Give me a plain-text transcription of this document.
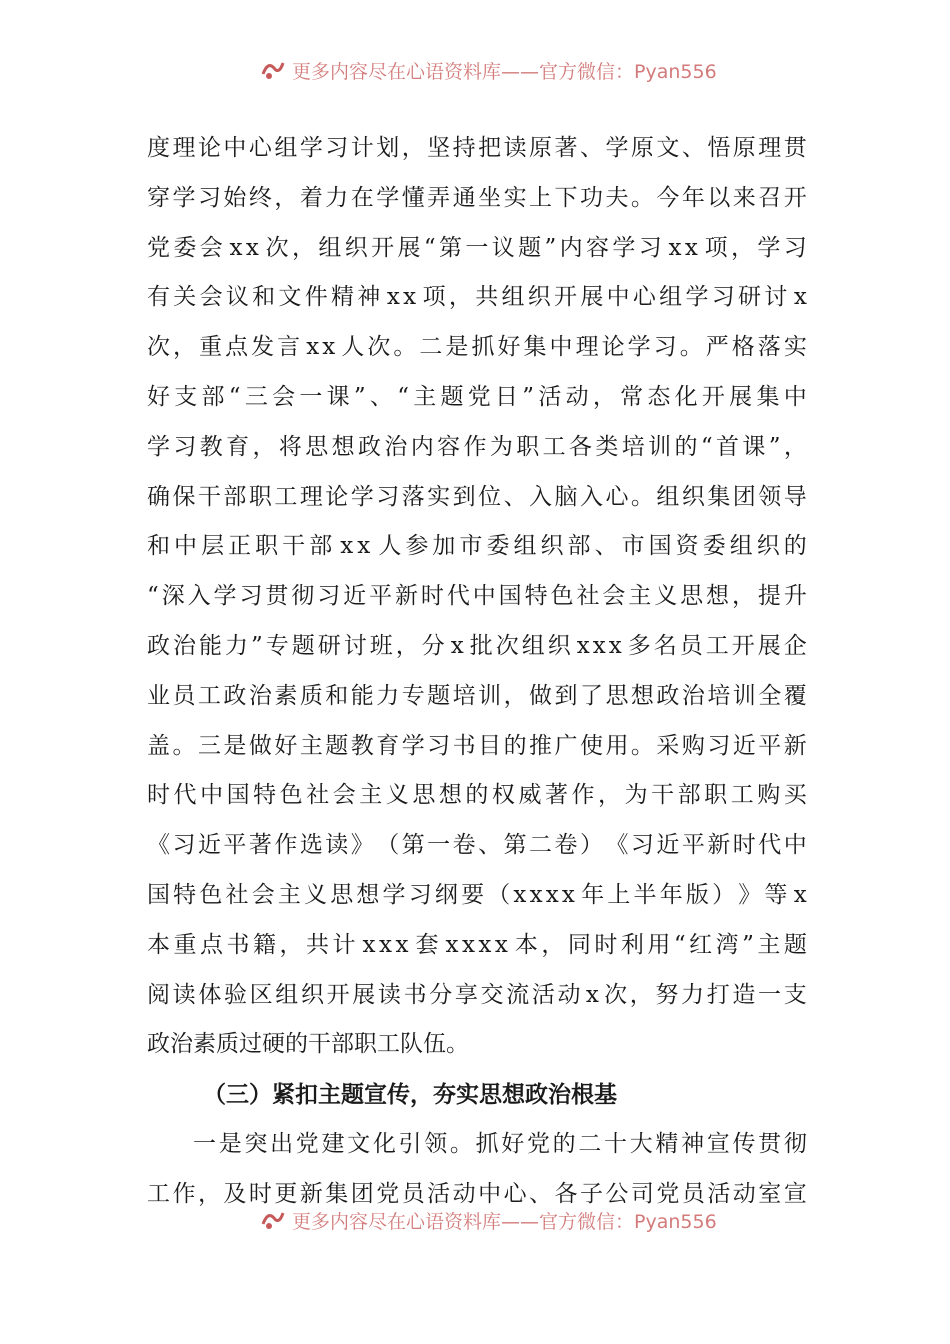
更多内容尽在心语资料库——官方微信：Pyan556
度 理 论 中 心 组 学 习 计 划 ， 坚 持 把 读 原 著 、 学 原 文 、 悟 原 理 贯
穿 学 习 始 终 ， 着 力 在 学 懂 弄 通 坐 实 上 下 功 夫 。 今 年 以 来 召 开
党 委 会 x x 次 ， 组 织 开 展 “ 第 一 议 题 ” 内 容 学 习 x x 项 ， 学 习
有 关 会 议 和 文 件 精 神 x x 项 ， 共 组 织 开 展 中 心 组 学 习 研 讨 x
次 ， 重 点 发 言 x x 人 次 。 二 是 抓 好 集 中 理 论 学 习 。 严 格 落 实
好 支 部 “ 三 会 一 课 ” 、 “ 主 题 党 日 ” 活 动 ， 常 态 化 开 展 集 中
学 习 教 育 ， 将 思 想 政 治 内 容 作 为 职 工 各 类 培 训 的 “ 首 课 ” ，
确 保 干 部 职 工 理 论 学 习 落 实 到 位 、 入 脑 入 心 。 组 织 集 团 领 导
和 中 层 正 职 干 部 x x 人 参 加 市 委 组 织 部 、 市 国 资 委 组 织 的
“ 深 入 学 习 贯 彻 习 近 平 新 时 代 中 国 特 色 社 会 主 义 思 想 ， 提 升
政 治 能 力 ” 专 题 研 讨 班 ， 分 x 批 次 组 织 x x x 多 名 员 工 开 展 企
业 员 工 政 治 素 质 和 能 力 专 题 培 训 ， 做 到 了 思 想 政 治 培 训 全 覆
盖 。 三 是 做 好 主 题 教 育 学 习 书 目 的 推 广 使 用 。 采 购 习 近 平 新
时 代 中 国 特 色 社 会 主 义 思 想 的 权 威 著 作 ， 为 干 部 职 工 购 买
《 习 近 平 著 作 选 读 》 （ 第 一 卷 、 第 二 卷 ） 《 习 近 平 新 时 代 中
国 特 色 社 会 主 义 思 想 学 习 纲 要 （ x x x x 年 上 半 年 版 ） 》 等 x
本 重 点 书 籍 ， 共 计 x x x 套 x x x x 本 ， 同 时 利 用 “ 红 湾 ” 主 题
阅 读 体 验 区 组 织 开 展 读 书 分 享 交 流 活 动 x 次 ， 努 力 打 造 一 支
政治素质过硬的干部职工队伍。
（三）紧扣主题宣传，夯实思想政治根基
一 是 突 出 党 建 文 化 引 领 。 抓 好 党 的 二 十 大 精 神 宣 传 贯 彻
工 作 ， 及 时 更 新 集 团 党 员 活 动 中 心 、 各 子 公 司 党 员 活 动 室 宣
更多内容尽在心语资料库——官方微信：Pyan556
